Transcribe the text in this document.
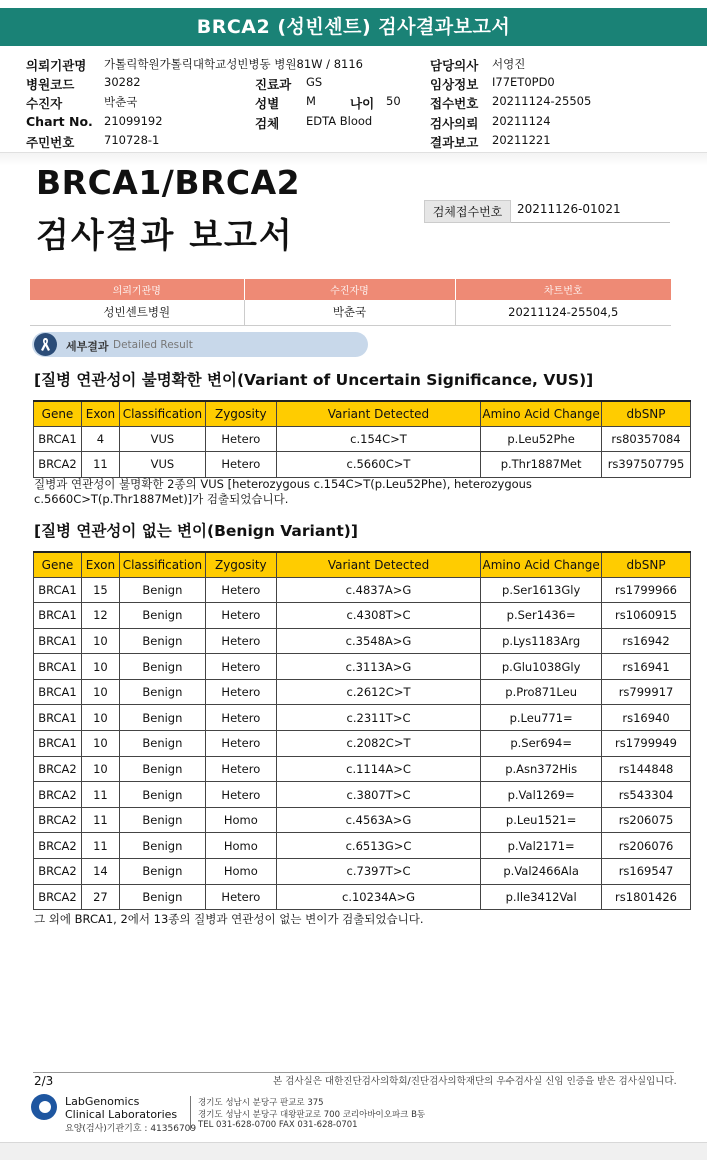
BRCA2 (성빈센트) 검사결과보고서
의뢰기관명 가톨릭학원가톨릭대학교성빈병동 병원81W / 8116	담당의사 서영진
병원코드	30282	진료과 GS	임상정보 I77ET0PD0
수진자	박춘국	성별 M	나이 50 접수번호 20211124-25505
Chart No. 21099192	검체 EDTA Blood	검사의뢰 20211124
주민번호	710728-1	결과보고 20211221
BRCA1/BRCA2
검사결과 보고서
검체접수번호	20211126-01021
의뢰기관명	수진자명	차트번호
성빈센트병원	박춘국	20211124-25504,5
세부결과 Detailed Result
[질병 연관성이 불명확한 변이(Variant of Uncertain Significance, VUS)]
Gene	Exon	Classification	Zygosity	Variant Detected	Amino Acid Change	dbSNP
BRCA1	4	VUS	Hetero	c.154C>T	p.Leu52Phe	rs80357084
BRCA2	11	VUS	Hetero	c.5660C>T	p.Thr1887Met	rs397507795
질병과 연관성이 불명확한 2종의 VUS [heterozygous c.154C>T(p.Leu52Phe), heterozygous c.5660C>T(p.Thr1887Met)]가 검출되었습니다.
[질병 연관성이 없는 변이(Benign Variant)]
Gene	Exon	Classification	Zygosity	Variant Detected	Amino Acid Change	dbSNP
BRCA1	15	Benign	Hetero	c.4837A>G	p.Ser1613Gly	rs1799966
BRCA1	12	Benign	Hetero	c.4308T>C	p.Ser1436=	rs1060915
BRCA1	10	Benign	Hetero	c.3548A>G	p.Lys1183Arg	rs16942
BRCA1	10	Benign	Hetero	c.3113A>G	p.Glu1038Gly	rs16941
BRCA1	10	Benign	Hetero	c.2612C>T	p.Pro871Leu	rs799917
BRCA1	10	Benign	Hetero	c.2311T>C	p.Leu771=	rs16940
BRCA1	10	Benign	Hetero	c.2082C>T	p.Ser694=	rs1799949
BRCA2	10	Benign	Hetero	c.1114A>C	p.Asn372His	rs144848
BRCA2	11	Benign	Hetero	c.3807T>C	p.Val1269=	rs543304
BRCA2	11	Benign	Homo	c.4563A>G	p.Leu1521=	rs206075
BRCA2	11	Benign	Homo	c.6513G>C	p.Val2171=	rs206076
BRCA2	14	Benign	Homo	c.7397T>C	p.Val2466Ala	rs169547
BRCA2	27	Benign	Hetero	c.10234A>G	p.Ile3412Val	rs1801426
그 외에 BRCA1, 2에서 13종의 질병과 연관성이 없는 변이가 검출되었습니다.
2/3	본 검사실은 대한진단검사의학회/진단검사의학재단의 우수검사실 신임 인증을 받은 검사실입니다.
LabGenomics
Clinical Laboratories
요양(검사)기관기호 : 41356709
경기도 성남시 분당구 판교로 375
경기도 성남시 분당구 대왕판교로 700 코리아바이오파크 B동
TEL 031-628-0700 FAX 031-628-0701
